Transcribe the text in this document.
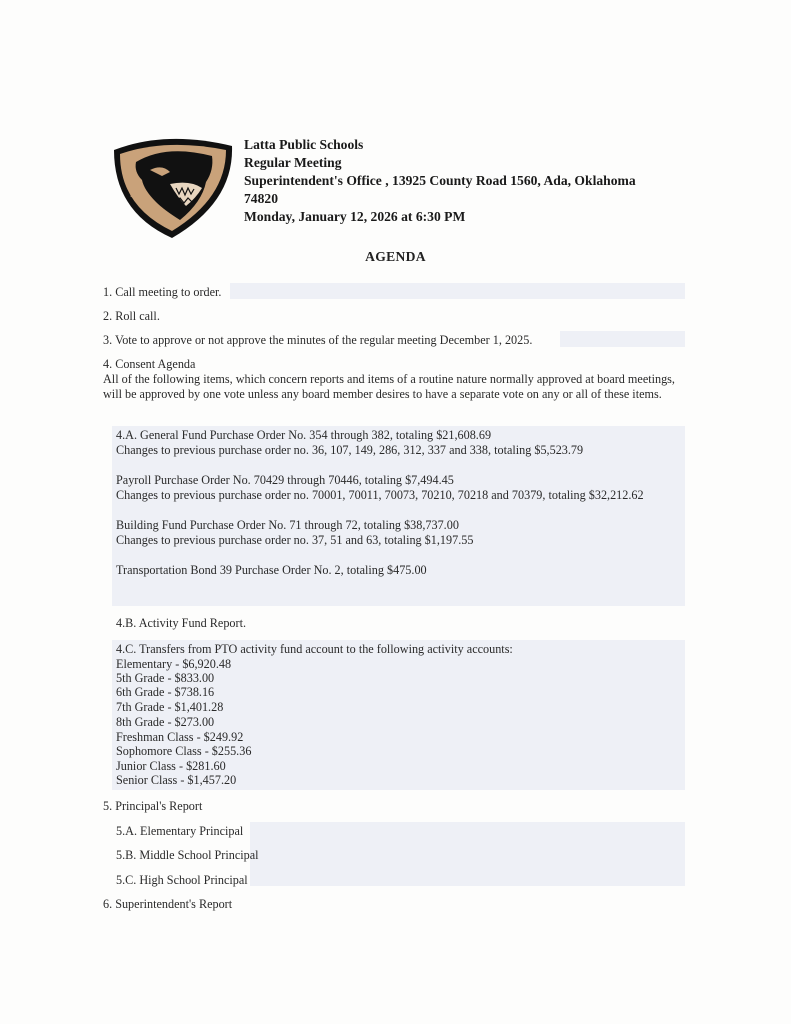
Latta Public Schools
Regular Meeting
Superintendent's Office , 13925 County Road 1560, Ada, Oklahoma
74820
Monday, January 12, 2026 at 6:30 PM
AGENDA
1. Call meeting to order.
2. Roll call.
3. Vote to approve or not approve the minutes of the regular meeting December 1, 2025.
4. Consent Agenda
All of the following items, which concern reports and items of a routine nature normally approved at board meetings, will be approved by one vote unless any board member desires to have a separate vote on any or all of these items.
4.A. General Fund Purchase Order No. 354 through 382, totaling $21,608.69
Changes to previous purchase order no. 36, 107, 149, 286, 312, 337 and 338, totaling $5,523.79
Payroll Purchase Order No. 70429 through 70446, totaling $7,494.45
Changes to previous purchase order no. 70001, 70011, 70073, 70210, 70218 and 70379, totaling $32,212.62
Building Fund Purchase Order No. 71 through 72, totaling $38,737.00
Changes to previous purchase order no. 37, 51 and 63, totaling $1,197.55
Transportation Bond 39 Purchase Order No. 2, totaling $475.00
4.B. Activity Fund Report.
4.C. Transfers from PTO activity fund account to the following activity accounts:
Elementary - $6,920.48
5th Grade - $833.00
6th Grade - $738.16
7th Grade - $1,401.28
8th Grade - $273.00
Freshman Class - $249.92
Sophomore Class - $255.36
Junior Class - $281.60
Senior Class - $1,457.20
5. Principal's Report
5.A. Elementary Principal
5.B. Middle School Principal
5.C. High School Principal
6. Superintendent's Report
